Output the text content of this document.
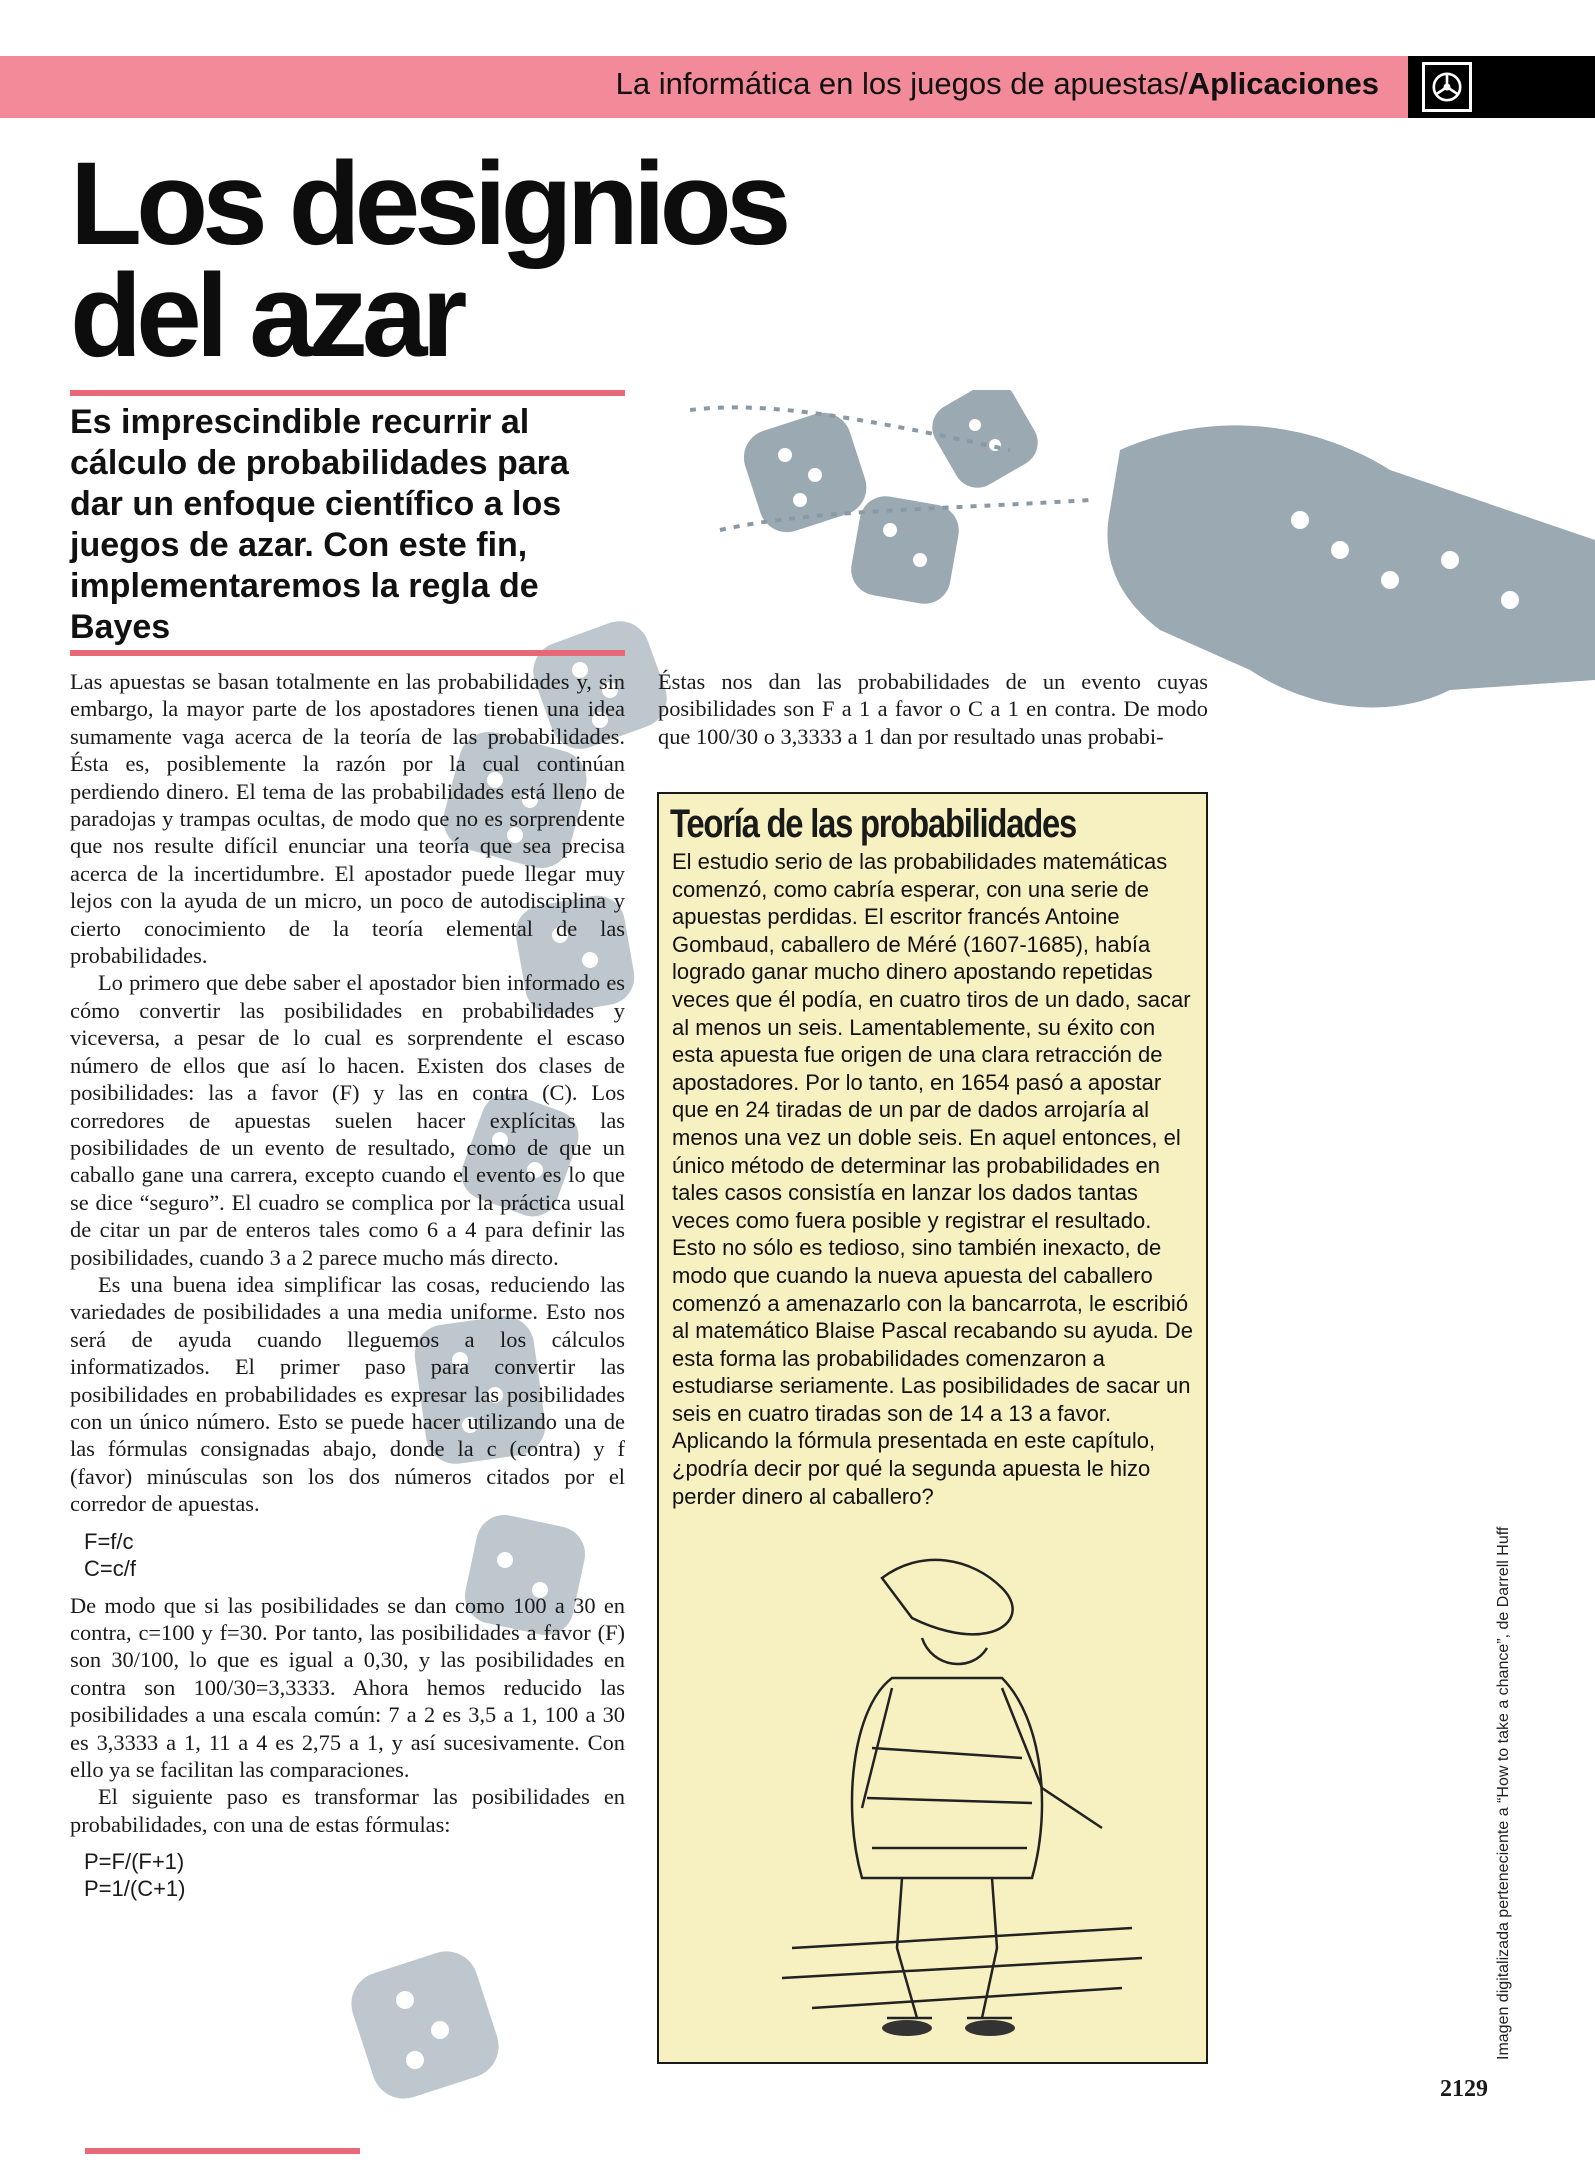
La informática en los juegos de apuestas/Aplicaciones
Los designios
del azar

Es imprescindible recurrir al cálculo de probabilidades para dar un enfoque científico a los juegos de azar. Con este fin, implementaremos la regla de Bayes

Las apuestas se basan totalmente en las probabilidades y, sin embargo, la mayor parte de los apostadores tienen una idea sumamente vaga acerca de la teoría de las probabilidades. Ésta es, posiblemente la razón por la cual continúan perdiendo dinero. El tema de las probabilidades está lleno de paradojas y trampas ocultas, de modo que no es sorprendente que nos resulte difícil enunciar una teoría que sea precisa acerca de la incertidumbre. El apostador puede llegar muy lejos con la ayuda de un micro, un poco de autodisciplina y cierto conocimiento de la teoría elemental de las probabilidades.

Lo primero que debe saber el apostador bien informado es cómo convertir las posibilidades en probabilidades y viceversa, a pesar de lo cual es sorprendente el escaso número de ellos que así lo hacen. Existen dos clases de posibilidades: las a favor (F) y las en contra (C). Los corredores de apuestas suelen hacer explícitas las posibilidades de un evento de resultado, como de que un caballo gane una carrera, excepto cuando el evento es lo que se dice “seguro”. El cuadro se complica por la práctica usual de citar un par de enteros tales como 6 a 4 para definir las posibilidades, cuando 3 a 2 parece mucho más directo.

Es una buena idea simplificar las cosas, reduciendo las variedades de posibilidades a una media uniforme. Esto nos será de ayuda cuando lleguemos a los cálculos informatizados. El primer paso para convertir las posibilidades en probabilidades es expresar las posibilidades con un único número. Esto se puede hacer utilizando una de las fórmulas consignadas abajo, donde la c (contra) y f (favor) minúsculas son los dos números citados por el corredor de apuestas.

F=f/c
C=c/f

De modo que si las posibilidades se dan como 100 a 30 en contra, c=100 y f=30. Por tanto, las posibilidades a favor (F) son 30/100, lo que es igual a 0,30, y las posibilidades en contra son 100/30=3,3333. Ahora hemos reducido las posibilidades a una escala común: 7 a 2 es 3,5 a 1, 100 a 30 es 3,3333 a 1, 11 a 4 es 2,75 a 1, y así sucesivamente. Con ello ya se facilitan las comparaciones.

El siguiente paso es transformar las posibilidades en probabilidades, con una de estas fórmulas:

P=F/(F+1)
P=1/(C+1)

Éstas nos dan las probabilidades de un evento cuyas posibilidades son F a 1 a favor o C a 1 en contra. De modo que 100/30 o 3,3333 a 1 dan por resultado unas probabi-

Teoría de las probabilidades

El estudio serio de las probabilidades matemáticas comenzó, como cabría esperar, con una serie de apuestas perdidas. El escritor francés Antoine Gombaud, caballero de Méré (1607-1685), había logrado ganar mucho dinero apostando repetidas veces que él podía, en cuatro tiros de un dado, sacar al menos un seis. Lamentablemente, su éxito con esta apuesta fue origen de una clara retracción de apostadores. Por lo tanto, en 1654 pasó a apostar que en 24 tiradas de un par de dados arrojaría al menos una vez un doble seis. En aquel entonces, el único método de determinar las probabilidades en tales casos consistía en lanzar los dados tantas veces como fuera posible y registrar el resultado. Esto no sólo es tedioso, sino también inexacto, de modo que cuando la nueva apuesta del caballero comenzó a amenazarlo con la bancarrota, le escribió al matemático Blaise Pascal recabando su ayuda. De esta forma las probabilidades comenzaron a estudiarse seriamente. Las posibilidades de sacar un seis en cuatro tiradas son de 14 a 13 a favor. Aplicando la fórmula presentada en este capítulo, ¿podría decir por qué la segunda apuesta le hizo perder dinero al caballero?

Imagen digitalizada perteneciente a “How to take a chance”, de Darrell Huff
2129
